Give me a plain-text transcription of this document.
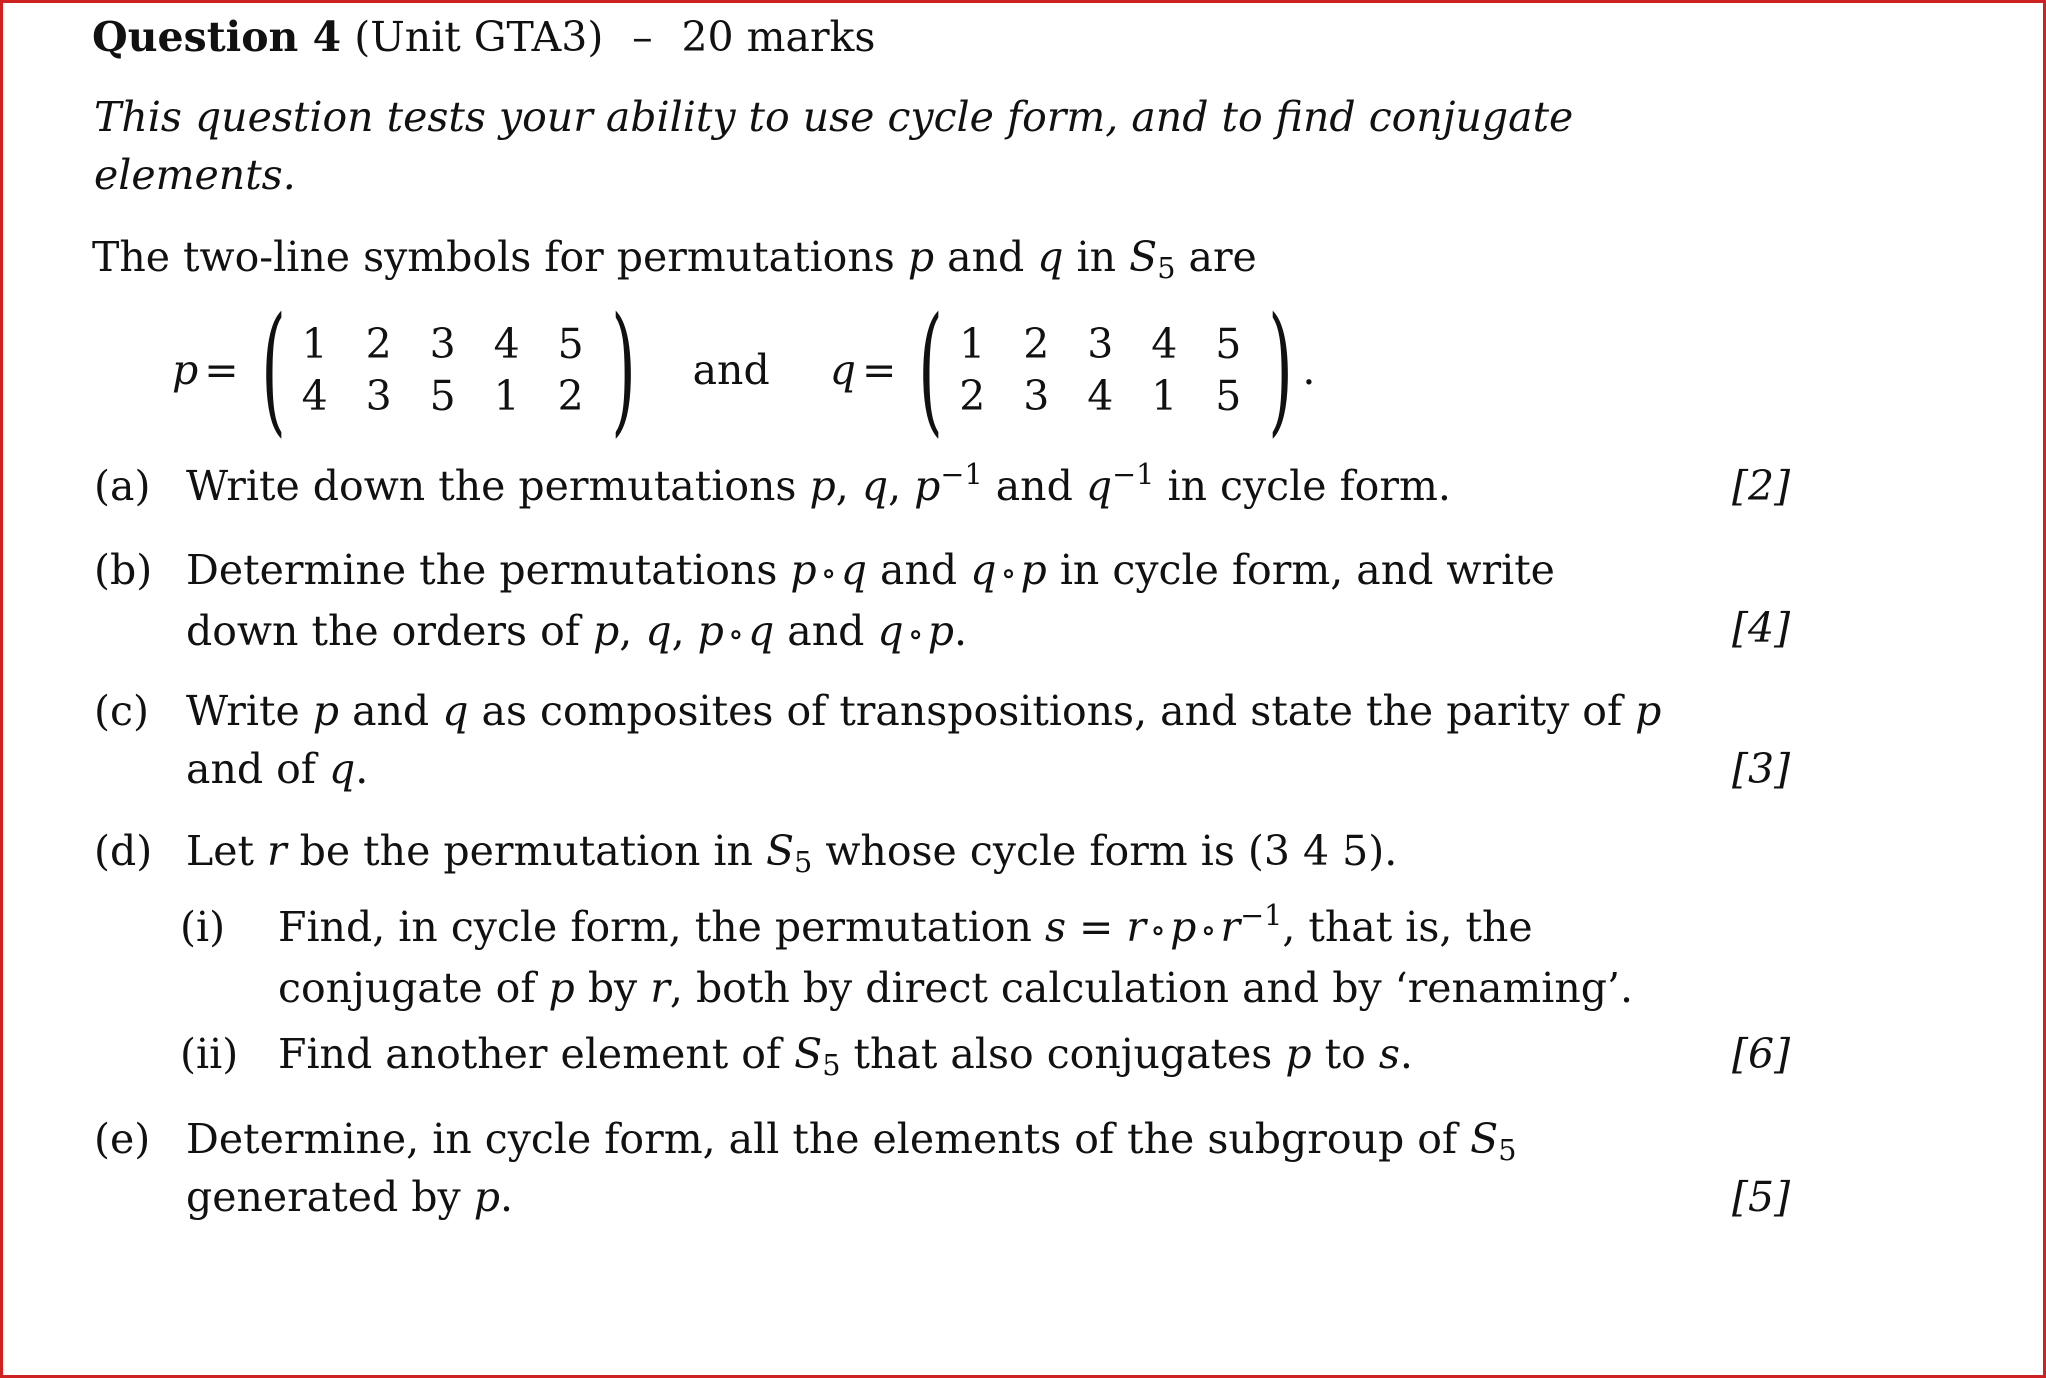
Question 4 (Unit GTA3) – 20 marks
This question tests your ability to use cycle form, and to find conjugate elements.
The two-line symbols for permutations p and q in $S_5$ are
p = ( 1 2 3 4 5
4 3 5 1 2 ) and q = ( 1 2 3 4 5
2 3 4 1 5 ) .
(a) Write down the permutations p, q, $p^{-1}$ and $q^{-1}$ in cycle form.	[2]
(b) Determine the permutations p ∘q and q ∘p in cycle form, and write
down the orders of p, q, p ∘q and q ∘p.	[4]
(c) Write p and q as composites of transpositions, and state the parity of p
and of q.	[3]
(d) Let r be the permutation in $S_5$ whose cycle form is (3 4 5).
(i) Find, in cycle form, the permutation s = r ∘p $\circ r^{-1}$, that is, the
conjugate of p by r, both by direct calculation and by ‘renaming’.
(ii) Find another element of $S_5$ that also conjugates p to s.	[6]
(e) Determine, in cycle form, all the elements of the subgroup of $S_5$
generated by p.	[5]
